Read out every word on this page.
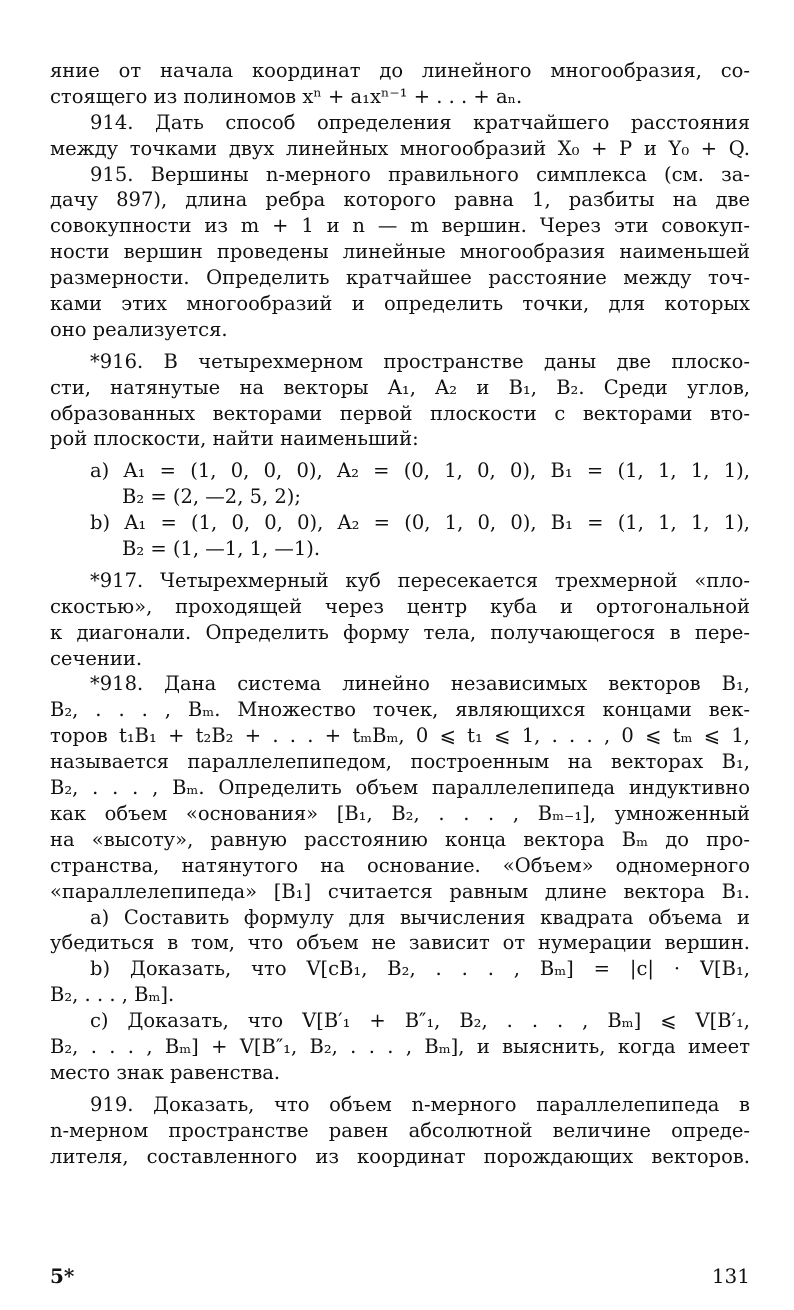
яние от начала координат до линейного многообразия, со-
стоящего из полиномов xⁿ + a₁xⁿ⁻¹ + . . . + aₙ.
914. Дать способ определения кратчайшего расстояния
между точками двух линейных многообразий X₀ + P и Y₀ + Q.
915. Вершины n-мерного правильного симплекса (см. за-
дачу 897), длина ребра которого равна 1, разбиты на две
совокупности из m + 1 и n — m вершин. Через эти совокуп-
ности вершин проведены линейные многообразия наименьшей
размерности. Определить кратчайшее расстояние между точ-
ками этих многообразий и определить точки, для которых
оно реализуется.
*916. В четырехмерном пространстве даны две плоско-
сти, натянутые на векторы A₁, A₂ и B₁, B₂. Среди углов,
образованных векторами первой плоскости с векторами вто-
рой плоскости, найти наименьший:
a) A₁ = (1, 0, 0, 0), A₂ = (0, 1, 0, 0), B₁ = (1, 1, 1, 1),
B₂ = (2, —2, 5, 2);
b) A₁ = (1, 0, 0, 0), A₂ = (0, 1, 0, 0), B₁ = (1, 1, 1, 1),
B₂ = (1, —1, 1, —1).
*917. Четырехмерный куб пересекается трехмерной «пло-
скостью», проходящей через центр куба и ортогональной
к диагонали. Определить форму тела, получающегося в пере-
сечении.
*918. Дана система линейно независимых векторов B₁,
B₂, . . . , Bₘ. Множество точек, являющихся концами век-
торов t₁B₁ + t₂B₂ + . . . + tₘBₘ, 0 ⩽ t₁ ⩽ 1, . . . , 0 ⩽ tₘ ⩽ 1,
называется параллелепипедом, построенным на векторах B₁,
B₂, . . . , Bₘ. Определить объем параллелепипеда индуктивно
как объем «основания» [B₁, B₂, . . . , Bₘ₋₁], умноженный
на «высоту», равную расстоянию конца вектора Bₘ до про-
странства, натянутого на основание. «Объем» одномерного
«параллелепипеда» [B₁] считается равным длине вектора B₁.
a) Составить формулу для вычисления квадрата объема и
убедиться в том, что объем не зависит от нумерации вершин.
b) Доказать, что V[cB₁, B₂, . . . , Bₘ] = |c| · V[B₁,
B₂, . . . , Bₘ].
c) Доказать, что V[B′₁ + B″₁, B₂, . . . , Bₘ] ⩽ V[B′₁,
B₂, . . . , Bₘ] + V[B″₁, B₂, . . . , Bₘ], и выяснить, когда имеет
место знак равенства.
919. Доказать, что объем n-мерного параллелепипеда в
n-мерном пространстве равен абсолютной величине опреде-
лителя, составленного из координат порождающих векторов.
5*	131
